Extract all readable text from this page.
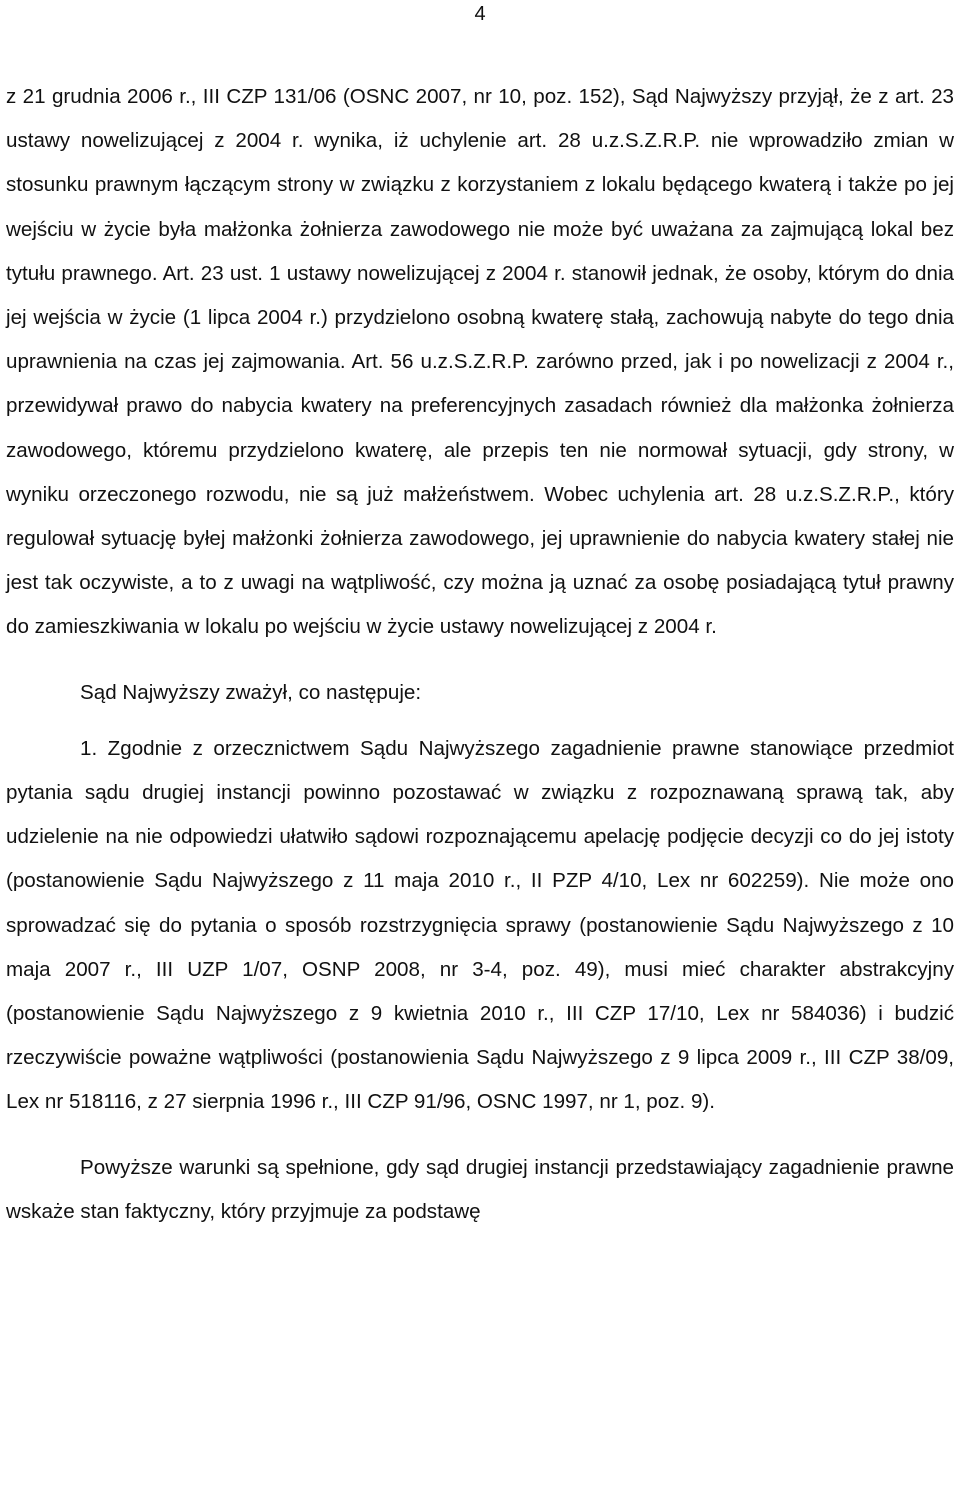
4

z 21 grudnia 2006 r., III CZP 131/06 (OSNC 2007, nr 10, poz. 152), Sąd Najwyższy przyjął, że z art. 23 ustawy nowelizującej z 2004 r. wynika, iż uchylenie art. 28 u.z.S.Z.R.P. nie wprowadziło zmian w stosunku prawnym łączącym strony w związku z korzystaniem z lokalu będącego kwaterą i także po jej wejściu w życie była małżonka żołnierza zawodowego nie może być uważana za zajmującą lokal bez tytułu prawnego. Art. 23 ust. 1 ustawy nowelizującej z 2004 r. stanowił jednak, że osoby, którym do dnia jej wejścia w życie (1 lipca 2004 r.) przydzielono osobną kwaterę stałą, zachowują nabyte do tego dnia uprawnienia na czas jej zajmowania. Art. 56 u.z.S.Z.R.P. zarówno przed, jak i po nowelizacji z 2004 r., przewidywał prawo do nabycia kwatery na preferencyjnych zasadach również dla małżonka żołnierza zawodowego, któremu przydzielono kwaterę, ale przepis ten nie normował sytuacji, gdy strony, w wyniku orzeczonego rozwodu, nie są już małżeństwem. Wobec uchylenia art. 28 u.z.S.Z.R.P., który regulował sytuację byłej małżonki żołnierza zawodowego, jej uprawnienie do nabycia kwatery stałej nie jest tak oczywiste, a to z uwagi na wątpliwość, czy można ją uznać za osobę posiadającą tytuł prawny do zamieszkiwania w lokalu po wejściu w życie ustawy nowelizującej z 2004 r.

Sąd Najwyższy zważył, co następuje:

1. Zgodnie z orzecznictwem Sądu Najwyższego zagadnienie prawne stanowiące przedmiot pytania sądu drugiej instancji powinno pozostawać w związku z rozpoznawaną sprawą tak, aby udzielenie na nie odpowiedzi ułatwiło sądowi rozpoznającemu apelację podjęcie decyzji co do jej istoty (postanowienie Sądu Najwyższego z 11 maja 2010 r., II PZP 4/10, Lex nr 602259). Nie może ono sprowadzać się do pytania o sposób rozstrzygnięcia sprawy (postanowienie Sądu Najwyższego z 10 maja 2007 r., III UZP 1/07, OSNP 2008, nr 3-4, poz. 49), musi mieć charakter abstrakcyjny (postanowienie Sądu Najwyższego z 9 kwietnia 2010 r., III CZP 17/10, Lex nr 584036) i budzić rzeczywiście poważne wątpliwości (postanowienia Sądu Najwyższego z 9 lipca 2009 r., III CZP 38/09, Lex nr 518116, z 27 sierpnia 1996 r., III CZP 91/96, OSNC 1997, nr 1, poz. 9).

Powyższe warunki są spełnione, gdy sąd drugiej instancji przedstawiający zagadnienie prawne wskaże stan faktyczny, który przyjmuje za podstawę
